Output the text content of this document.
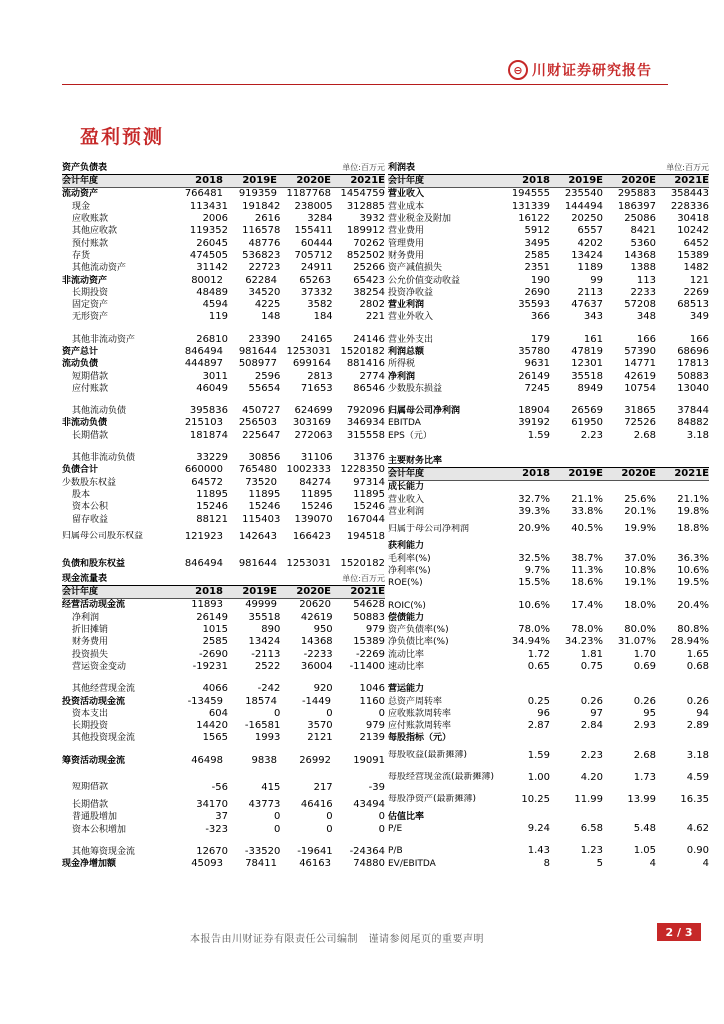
⊖ 川财证券研究报告
盈利预测
资产负债表	单位:百万元
会计年度	2018	2019E	2020E	2021E
流动资产	766481	919359 1187768 1454759
现金	113431	191842	238005	312885
应收账款	2006	2616	3284	3932
其他应收款	119352	116578	155411	189912
预付账款	26045	48776	60444	70262
存货	474505	536823	705712	852502
其他流动资产	31142	22723	24911	25266
非流动资产	80012	62284	65263	65423
长期投资	48489	34520	37332	38254
固定资产	4594	4225	3582	2802
无形资产	119	148	184	221
其他非流动资产	26810	23390	24165	24146
资产总计	846494	981644 1253031 1520182
流动负债	444897	508977	699164	881416
短期借款	3011	2596	2813	2774
应付账款	46049	55654	71653	86546
其他流动负债	395836	450727	624699	792096
非流动负债	215103	256503	303169	346934
长期借款	181874	225647	272063	315558
其他非流动负债	33229	30856	31106	31376
负债合计	660000	765480 1002333 1228350
少数股东权益	64572	73520	84274	97314
股本	11895	11895	11895	11895
资本公积	15246	15246	15246	15246
留存收益	88121	115403	139070	167044
归属母公司股东权益	121923	142643	166423	194518
负债和股东权益	846494	981644 1253031 1520182
现金流量表	单位:百万元
会计年度	2018	2019E	2020E	2021E
经营活动现金流	11893	49999	20620	54628
净利润	26149	35518	42619	50883
折旧摊销	1015	890	950	979
财务费用	2585	13424	14368	15389
投资损失	-2690	-2113	-2233	-2269
营运资金变动	-19231	2522	36004	-11400
其他经营现金流	4066	-242	920	1046
投资活动现金流	-13459	18574	-1449	1160
资本支出	604	0	0	0
长期投资	14420	-16581	3570	979
其他投资现金流	1565	1993	2121	2139
筹资活动现金流	46498	9838	26992	19091
短期借款	-56	415	217	-39
长期借款	34170	43773	46416	43494
普通股增加	37	0	0	0
资本公积增加	-323	0	0	0
其他筹资现金流	12670	-33520	-19641	-24364
现金净增加额	45093	78411	46163	74880
利润表	单位:百万元
会计年度	2018	2019E	2020E	2021E
营业收入	194555	235540	295883	358443
营业成本	131339	144494	186397	228336
营业税金及附加	16122	20250	25086	30418
营业费用	5912	6557	8421	10242
管理费用	3495	4202	5360	6452
财务费用	2585	13424	14368	15389
资产减值损失	2351	1189	1388	1482
公允价值变动收益	190	99	113	121
投资净收益	2690	2113	2233	2269
营业利润	35593	47637	57208	68513
营业外收入	366	343	348	349
营业外支出	179	161	166	166
利润总额	35780	47819	57390	68696
所得税	9631	12301	14771	17813
净利润	26149	35518	42619	50883
少数股东损益	7245	8949	10754	13040
归属母公司净利润	18904	26569	31865	37844
EBITDA	39192	61950	72526	84882
EPS（元）	1.59	2.23	2.68	3.18
主要财务比率
会计年度	2018	2019E	2020E	2021E
成长能力
营业收入	32.7%	21.1%	25.6%	21.1%
营业利润	39.3%	33.8%	20.1%	19.8%
归属于母公司净利润	20.9%	40.5%	19.9%	18.8%
获利能力
毛利率(%)	32.5%	38.7%	37.0%	36.3%
净利率(%)	9.7%	11.3%	10.8%	10.6%
ROE(%)	15.5%	18.6%	19.1%	19.5%
ROIC(%)	10.6%	17.4%	18.0%	20.4%
偿债能力
资产负债率(%)	78.0%	78.0%	80.0%	80.8%
净负债比率(%)	34.94%	34.23%	31.07%	28.94%
流动比率	1.72	1.81	1.70	1.65
速动比率	0.65	0.75	0.69	0.68
营运能力
总资产周转率	0.25	0.26	0.26	0.26
应收账款周转率	96	97	95	94
应付账款周转率	2.87	2.84	2.93	2.89
每股指标（元）
每股收益(最新摊薄)	1.59	2.23	2.68	3.18
每股经营现金流(最新摊薄)	1.00	4.20	1.73	4.59
每股净资产(最新摊薄)	10.25	11.99	13.99	16.35
估值比率
P/E	9.24	6.58	5.48	4.62
P/B	1.43	1.23	1.05	0.90
EV/EBITDA	8	5	4	4
本报告由川财证券有限责任公司编制　谨请参阅尾页的重要声明
2 / 3
